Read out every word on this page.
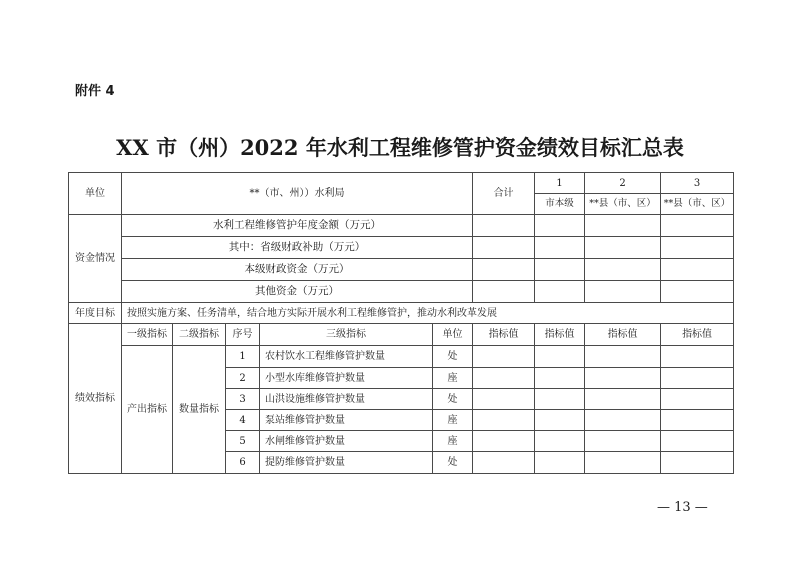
附件 4
XX 市（州）2022 年水利工程维修管护资金绩效目标汇总表
单位	**（市、州））水利局					合计	1	2	3
							市本级	**县（市、区）	**县（市、区）
资金情况	水利工程维修管护年度金额（万元）								
	其中：省级财政补助（万元）								
	本级财政资金（万元）								
	其他资金（万元）								
年度目标	按照实施方案、任务清单，结合地方实际开展水利工程维修管护，推动水利改革发展								
绩效指标	一级指标	二级指标	序号	三级指标	单位	指标值	指标值	指标值	指标值
	产出指标	数量指标	1	农村饮水工程维修管护数量	处				
			2	小型水库维修管护数量	座				
			3	山洪设施维修管护数量	处				
			4	泵站维修管护数量	座				
			5	水闸维修管护数量	座				
			6	提防维修管护数量	处				
— 13 —
